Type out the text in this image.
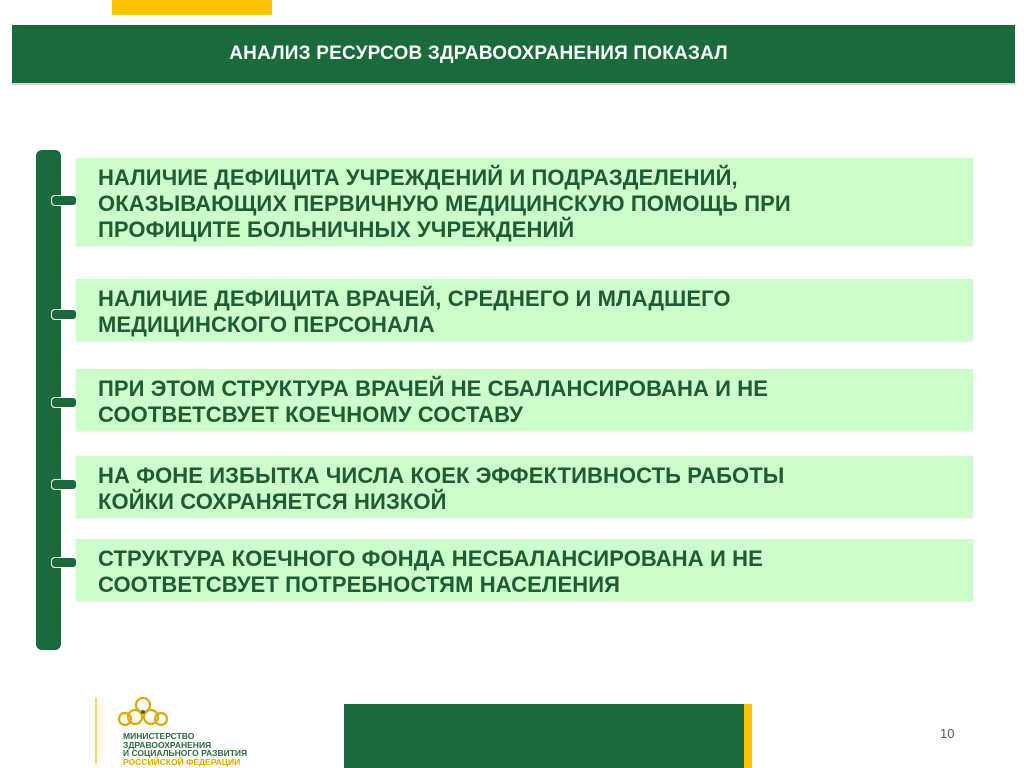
АНАЛИЗ РЕСУРСОВ ЗДРАВООХРАНЕНИЯ ПОКАЗАЛ
НАЛИЧИЕ ДЕФИЦИТА УЧРЕЖДЕНИЙ И ПОДРАЗДЕЛЕНИЙ,
ОКАЗЫВАЮЩИХ ПЕРВИЧНУЮ МЕДИЦИНСКУЮ ПОМОЩЬ ПРИ
ПРОФИЦИТЕ БОЛЬНИЧНЫХ УЧРЕЖДЕНИЙ
НАЛИЧИЕ ДЕФИЦИТА ВРАЧЕЙ, СРЕДНЕГО И МЛАДШЕГО
МЕДИЦИНСКОГО ПЕРСОНАЛА
ПРИ ЭТОМ СТРУКТУРА ВРАЧЕЙ НЕ СБАЛАНСИРОВАНА И НЕ
СООТВЕТСВУЕТ КОЕЧНОМУ СОСТАВУ
НА ФОНЕ ИЗБЫТКА ЧИСЛА КОЕК ЭФФЕКТИВНОСТЬ РАБОТЫ
КОЙКИ СОХРАНЯЕТСЯ НИЗКОЙ
СТРУКТУРА КОЕЧНОГО ФОНДА НЕСБАЛАНСИРОВАНА И НЕ
СООТВЕТСВУЕТ ПОТРЕБНОСТЯМ НАСЕЛЕНИЯ
МИНИСТЕРСТВО
ЗДРАВООХРАНЕНИЯ
И СОЦИАЛЬНОГО РАЗВИТИЯ
РОССИЙСКОЙ ФЕДЕРАЦИИ
10
